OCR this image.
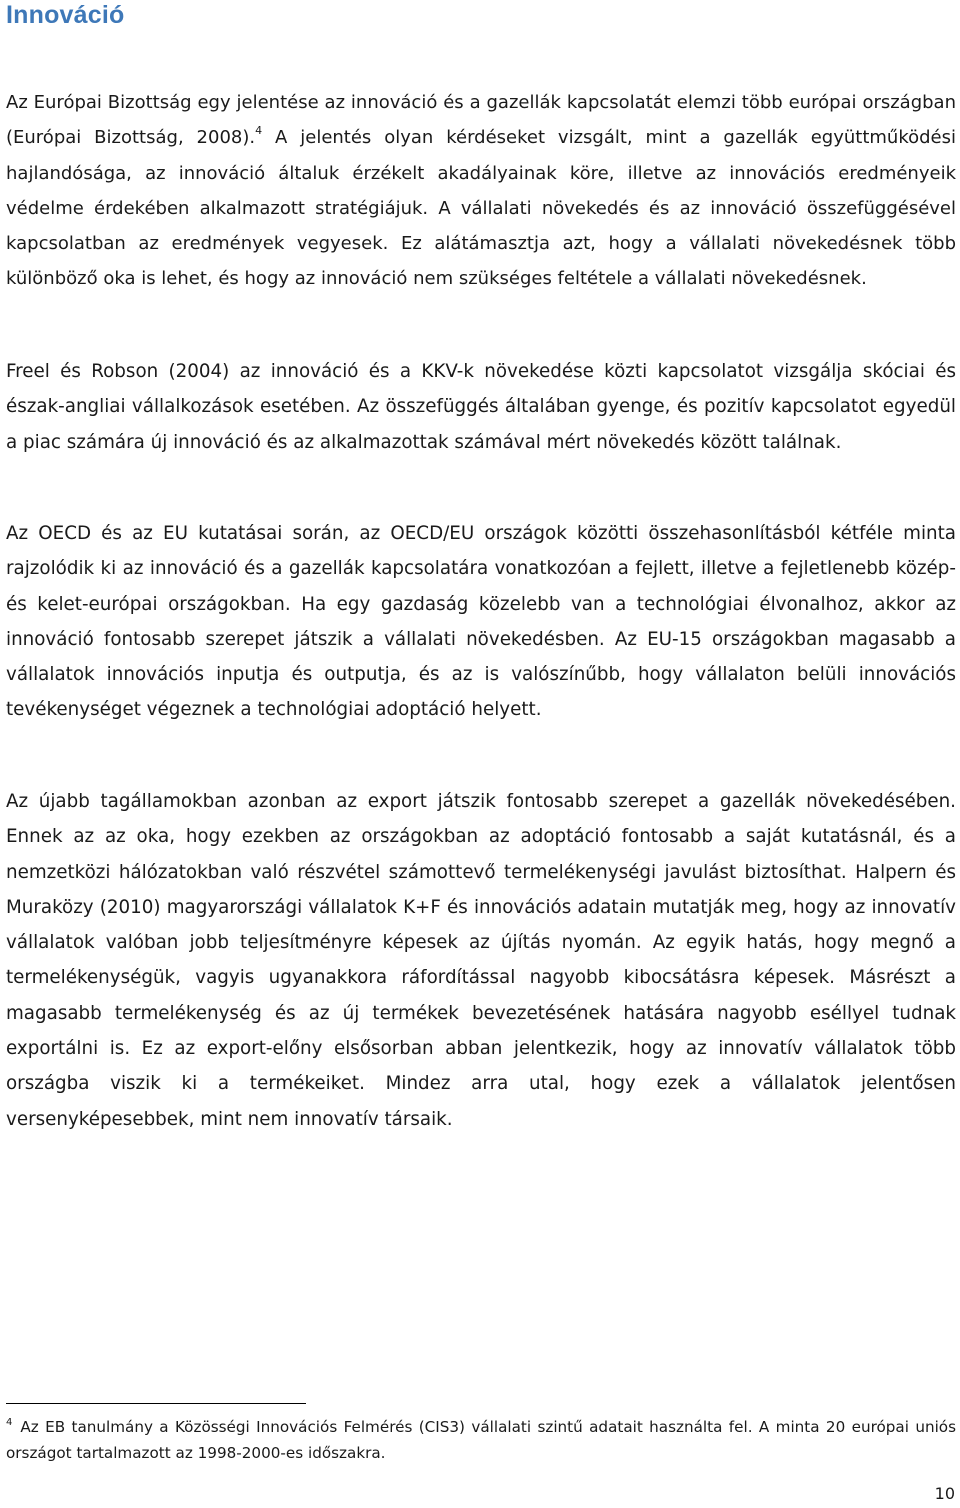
Innováció

Az Európai Bizottság egy jelentése az innováció és a gazellák kapcsolatát elemzi több európai országban (Európai Bizottság, 2008).$^4$ A jelentés olyan kérdéseket vizsgált, mint a gazellák együttműködési hajlandósága, az innováció általuk érzékelt akadályainak köre, illetve az innovációs eredményeik védelme érdekében alkalmazott stratégiájuk. A vállalati növekedés és az innováció összefüggésével kapcsolatban az eredmények vegyesek. Ez alátámasztja azt, hogy a vállalati növekedésnek több különböző oka is lehet, és hogy az innováció nem szükséges feltétele a vállalati növekedésnek.

Freel és Robson (2004) az innováció és a KKV-k növekedése közti kapcsolatot vizsgálja skóciai és észak-angliai vállalkozások esetében. Az összefüggés általában gyenge, és pozitív kapcsolatot egyedül a piac számára új innováció és az alkalmazottak számával mért növekedés között találnak.

Az OECD és az EU kutatásai során, az OECD/EU országok közötti összehasonlításból kétféle minta rajzolódik ki az innováció és a gazellák kapcsolatára vonatkozóan a fejlett, illetve a fejletlenebb közép- és kelet-európai országokban. Ha egy gazdaság közelebb van a technológiai élvonalhoz, akkor az innováció fontosabb szerepet játszik a vállalati növekedésben. Az EU-15 országokban magasabb a vállalatok innovációs inputja és outputja, és az is valószínűbb, hogy vállalaton belüli innovációs tevékenységet végeznek a technológiai adoptáció helyett.

Az újabb tagállamokban azonban az export játszik fontosabb szerepet a gazellák növekedésében. Ennek az az oka, hogy ezekben az országokban az adoptáció fontosabb a saját kutatásnál, és a nemzetközi hálózatokban való részvétel számottevő termelékenységi javulást biztosíthat. Halpern és Muraközy (2010) magyarországi vállalatok K+F és innovációs adatain mutatják meg, hogy az innovatív vállalatok valóban jobb teljesítményre képesek az újítás nyomán. Az egyik hatás, hogy megnő a termelékenységük, vagyis ugyanakkora ráfordítással nagyobb kibocsátásra képesek. Másrészt a magasabb termelékenység és az új termékek bevezetésének hatására nagyobb eséllyel tudnak exportálni is. Ez az export-előny elsősorban abban jelentkezik, hogy az innovatív vállalatok több országba viszik ki a termékeiket. Mindez arra utal, hogy ezek a vállalatok jelentősen versenyképesebbek, mint nem innovatív társaik.

$^4$ Az EB tanulmány a Közösségi Innovációs Felmérés (CIS3) vállalati szintű adatait használta fel. A minta 20 európai uniós országot tartalmazott az 1998-2000-es időszakra.

10
